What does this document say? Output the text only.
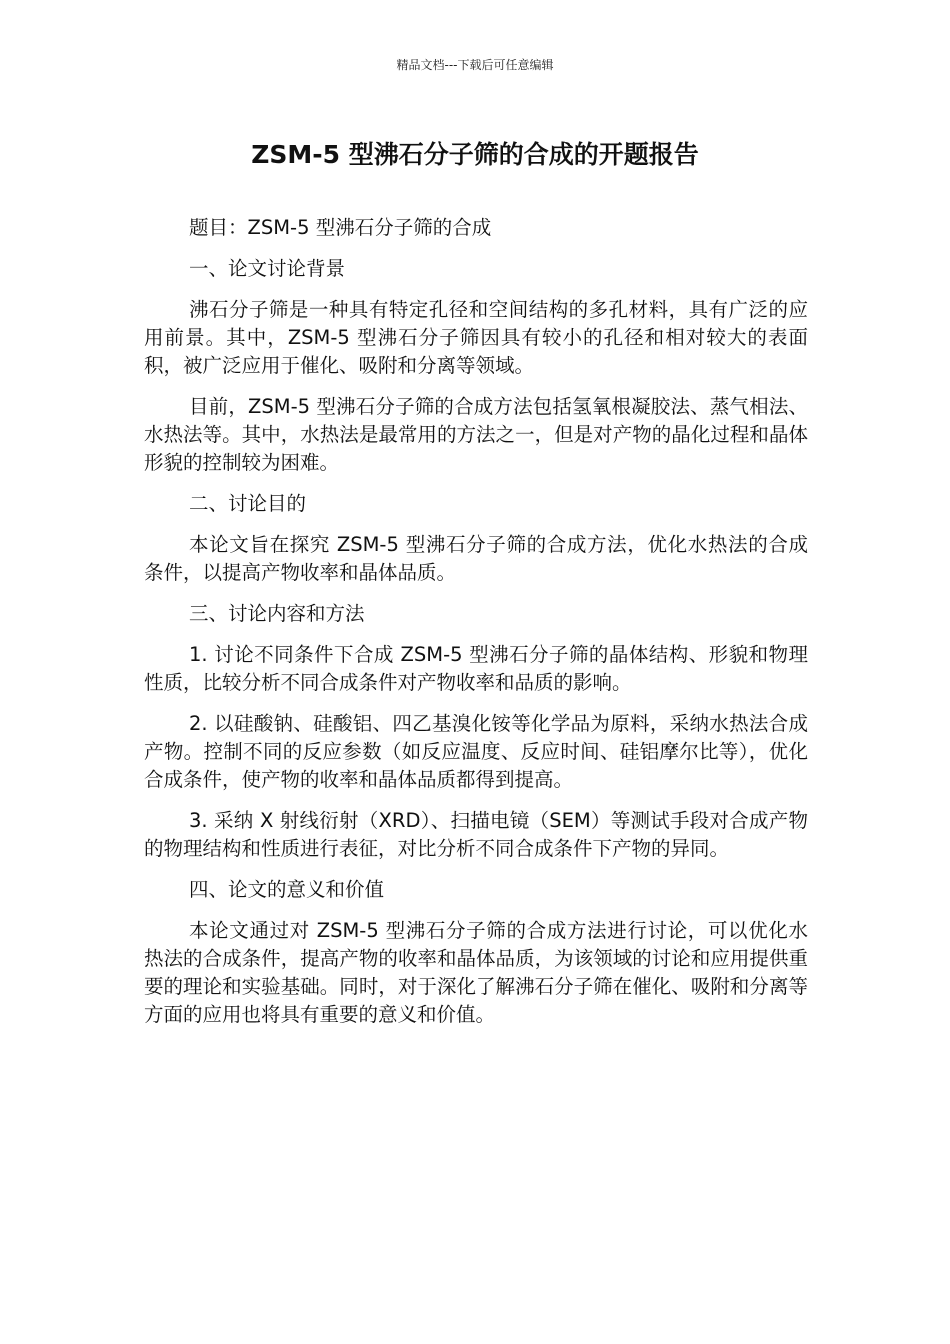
精品文档---下载后可任意编辑
ZSM-5 型沸石分子筛的合成的开题报告

题目：ZSM-5 型沸石分子筛的合成

一、论文讨论背景

沸石分子筛是一种具有特定孔径和空间结构的多孔材料，具有广泛的应用前景。其中，ZSM-5 型沸石分子筛因具有较小的孔径和相对较大的表面积，被广泛应用于催化、吸附和分离等领域。

目前，ZSM-5 型沸石分子筛的合成方法包括氢氧根凝胶法、蒸气相法、水热法等。其中，水热法是最常用的方法之一，但是对产物的晶化过程和晶体形貌的控制较为困难。

二、讨论目的

本论文旨在探究 ZSM-5 型沸石分子筛的合成方法，优化水热法的合成条件，以提高产物收率和晶体品质。

三、讨论内容和方法

1. 讨论不同条件下合成 ZSM-5 型沸石分子筛的晶体结构、形貌和物理性质，比较分析不同合成条件对产物收率和品质的影响。

2. 以硅酸钠、硅酸铝、四乙基溴化铵等化学品为原料，采纳水热法合成产物。控制不同的反应参数（如反应温度、反应时间、硅铝摩尔比等），优化合成条件，使产物的收率和晶体品质都得到提高。

3. 采纳 X 射线衍射（XRD）、扫描电镜（SEM）等测试手段对合成产物的物理结构和性质进行表征，对比分析不同合成条件下产物的异同。

四、论文的意义和价值

本论文通过对 ZSM-5 型沸石分子筛的合成方法进行讨论，可以优化水热法的合成条件，提高产物的收率和晶体品质，为该领域的讨论和应用提供重要的理论和实验基础。同时，对于深化了解沸石分子筛在催化、吸附和分离等方面的应用也将具有重要的意义和价值。
